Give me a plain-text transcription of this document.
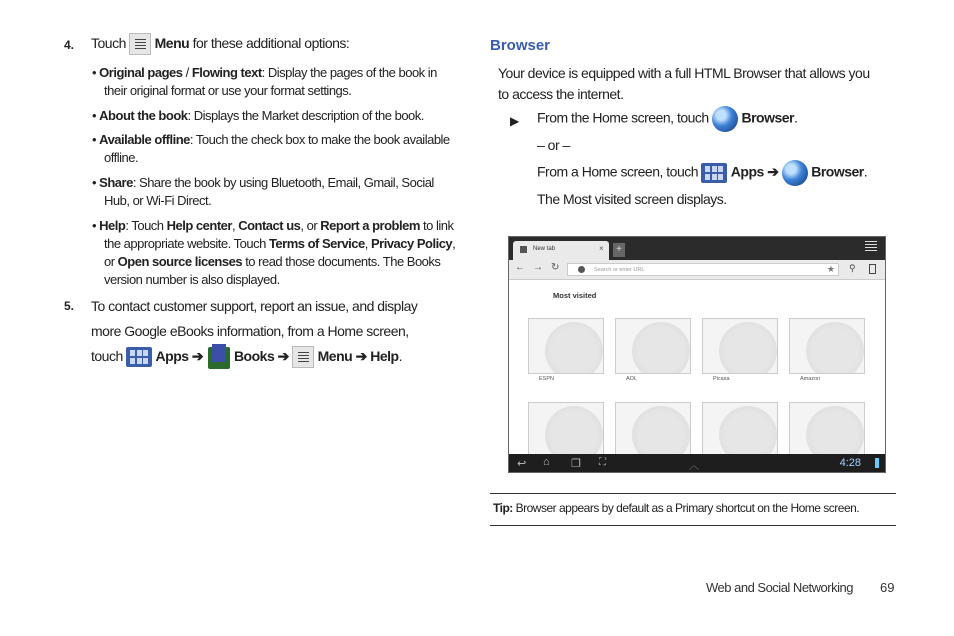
4. Touch Menu for these additional options:
• Original pages / Flowing text: Display the pages of the book in
their original format or use your format settings.
• About the book: Displays the Market description of the book.
• Available offline: Touch the check box to make the book available
offline.
• Share: Share the book by using Bluetooth, Email, Gmail, Social
Hub, or Wi-Fi Direct.
• Help: Touch Help center, Contact us, or Report a problem to link
the appropriate website. Touch Terms of Service, Privacy Policy,
or Open source licenses to read those documents. The Books
version number is also displayed.
5. To contact customer support, report an issue, and display
more Google eBooks information, from a Home screen,
touch Apps ➔ Books ➔ Menu ➔ Help.
Browser
Your device is equipped with a full HTML Browser that allows you
to access the internet.
▶ From the Home screen, touch Browser.
– or –
From a Home screen, touch Apps ➔ Browser.
The Most visited screen displays.
New tab	×	+
← → ↻	Search or enter URL	★ ⚲
Most visited
ESPN	AOL	Picasa	Amazon
↩ ⌂ ❐ ⛶	︿	4:28
Tip: Browser appears by default as a Primary shortcut on the Home screen.
Web and Social Networking 69
